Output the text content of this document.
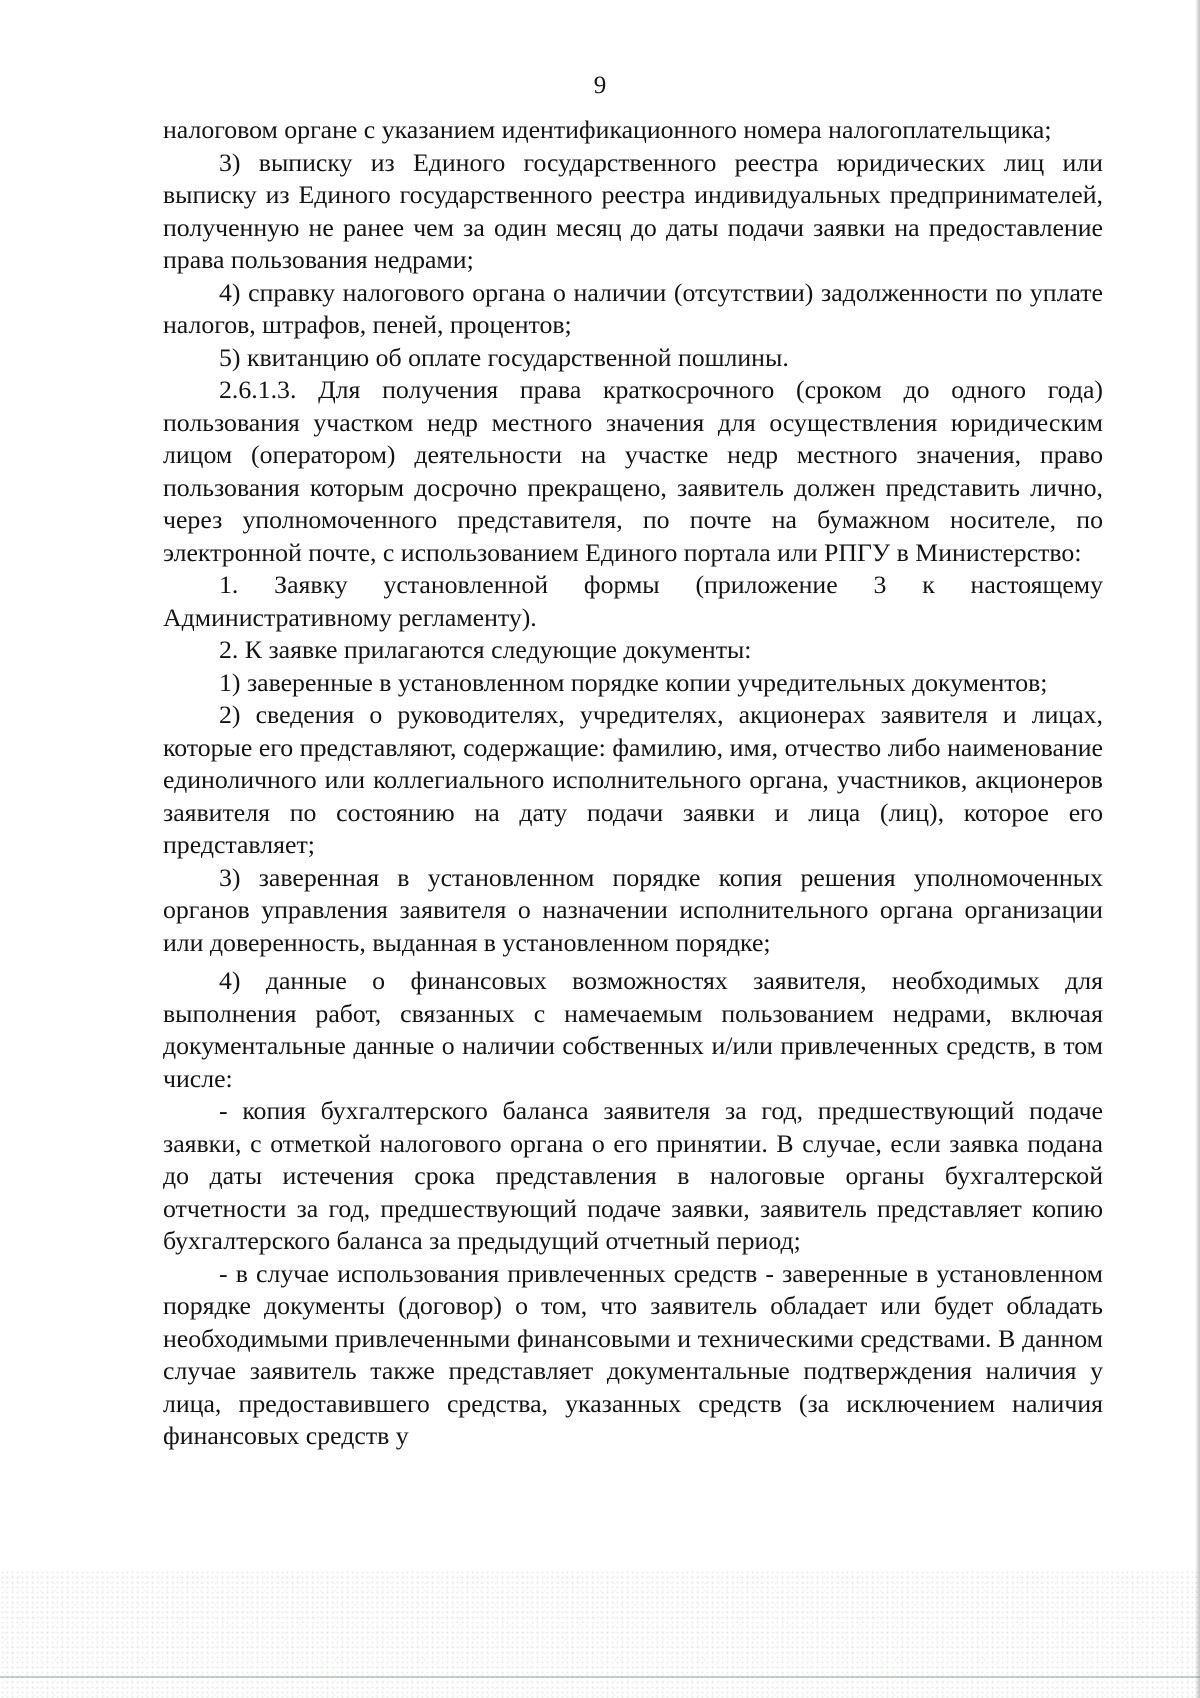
9

налоговом органе с указанием идентификационного номера налогоплательщика;

3) выписку из Единого государственного реестра юридических лиц или выписку из Единого государственного реестра индивидуальных предпринимателей, полученную не ранее чем за один месяц до даты подачи заявки на предоставление права пользования недрами;

4) справку налогового органа о наличии (отсутствии) задолженности по уплате налогов, штрафов, пеней, процентов;

5) квитанцию об оплате государственной пошлины.

2.6.1.3. Для получения права краткосрочного (сроком до одного года) пользования участком недр местного значения для осуществления юридическим лицом (оператором) деятельности на участке недр местного значения, право пользования которым досрочно прекращено, заявитель должен представить лично, через уполномоченного представителя, по почте на бумажном носителе, по электронной почте, с использованием Единого портала или РПГУ в Министерство:

1. Заявку установленной формы (приложение 3 к настоящему Административному регламенту).

2. К заявке прилагаются следующие документы:

1) заверенные в установленном порядке копии учредительных документов;

2) сведения о руководителях, учредителях, акционерах заявителя и лицах, которые его представляют, содержащие: фамилию, имя, отчество либо наименование единоличного или коллегиального исполнительного органа, участников, акционеров заявителя по состоянию на дату подачи заявки и лица (лиц), которое его представляет;

3) заверенная в установленном порядке копия решения уполномоченных органов управления заявителя о назначении исполнительного органа организации или доверенность, выданная в установленном порядке;

4) данные о финансовых возможностях заявителя, необходимых для выполнения работ, связанных с намечаемым пользованием недрами, включая документальные данные о наличии собственных и/или привлеченных средств, в том числе:

- копия бухгалтерского баланса заявителя за год, предшествующий подаче заявки, с отметкой налогового органа о его принятии. В случае, если заявка подана до даты истечения срока представления в налоговые органы бухгалтерской отчетности за год, предшествующий подаче заявки, заявитель представляет копию бухгалтерского баланса за предыдущий отчетный период;

- в случае использования привлеченных средств - заверенные в установленном порядке документы (договор) о том, что заявитель обладает или будет обладать необходимыми привлеченными финансовыми и техническими средствами. В данном случае заявитель также представляет документальные подтверждения наличия у лица, предоставившего средства, указанных средств (за исключением наличия финансовых средств у
